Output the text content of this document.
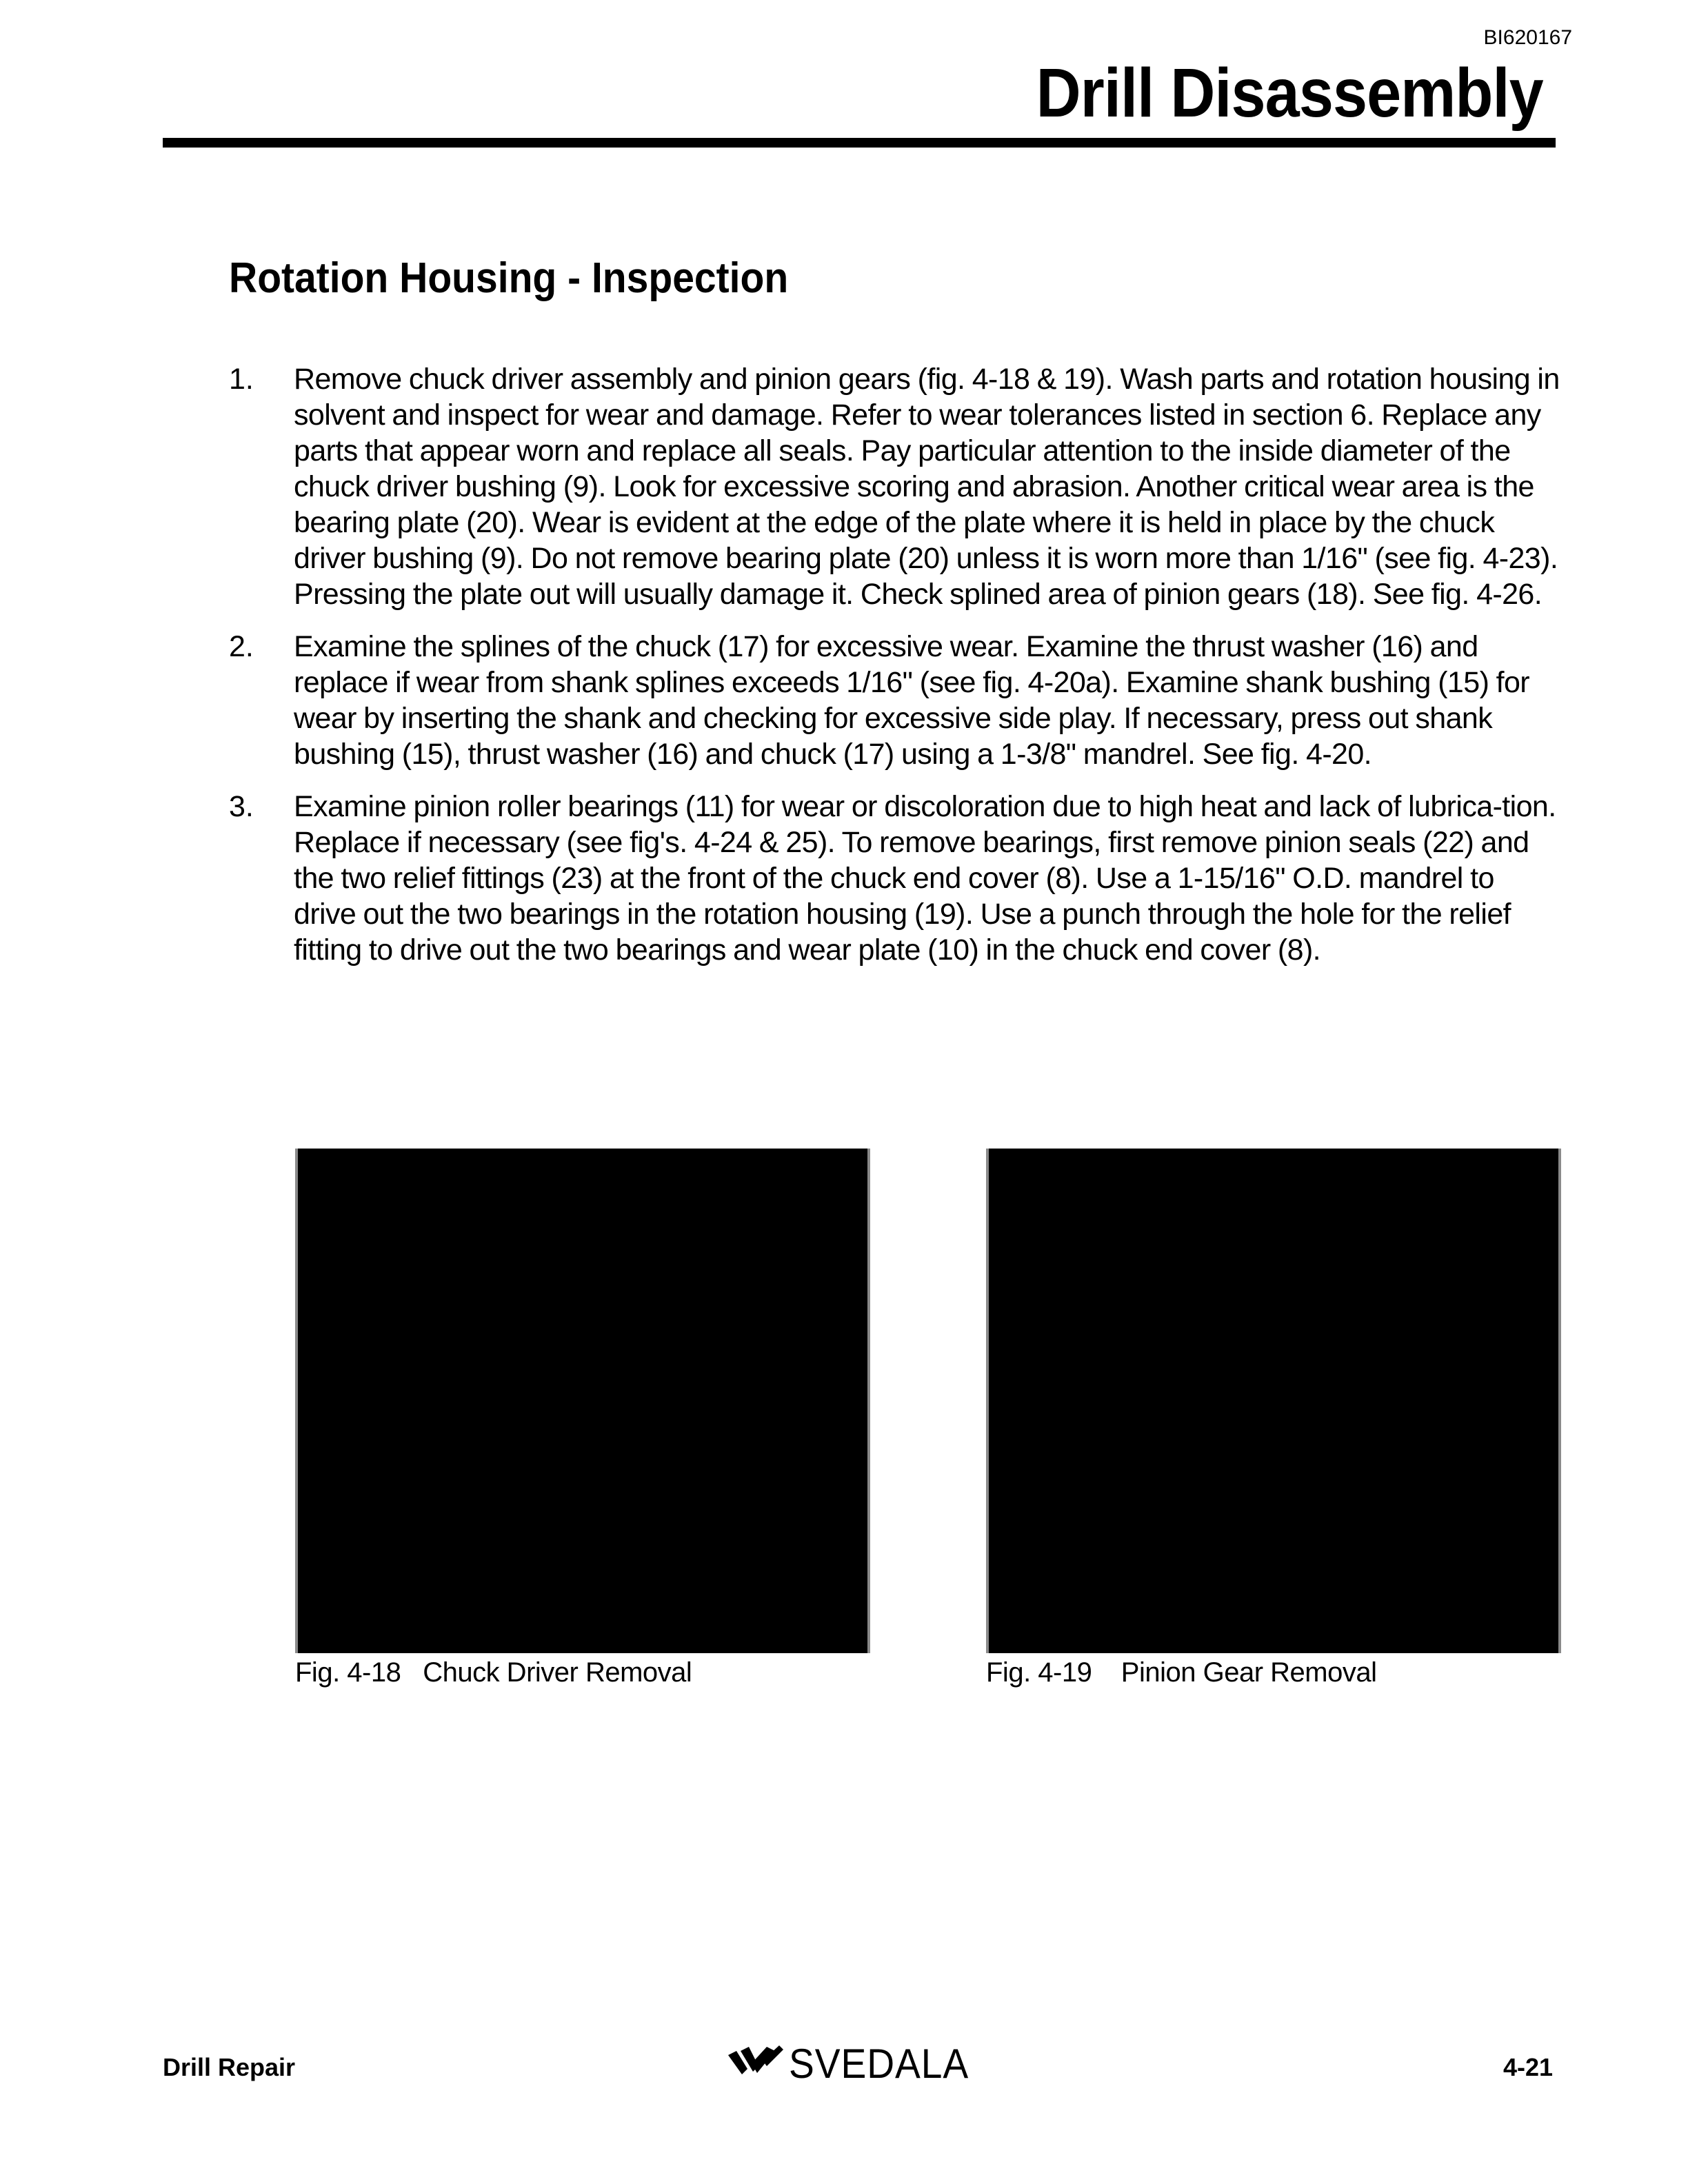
BI620167
Drill Disassembly
Rotation Housing - Inspection
1.	Remove chuck driver assembly and pinion gears (fig. 4-18 & 19). Wash parts and rotation housing in solvent and inspect for wear and damage. Refer to wear tolerances listed in section 6. Replace any parts that appear worn and replace all seals. Pay particular attention to the inside diameter of the chuck driver bushing (9). Look for excessive scoring and abrasion. Another critical wear area is the bearing plate (20). Wear is evident at the edge of the plate where it is held in place by the chuck driver bushing (9). Do not remove bearing plate (20) unless it is worn more than 1/16" (see fig. 4-23). Pressing the plate out will usually damage it. Check splined area of pinion gears (18). See fig. 4-26.
2.	Examine the splines of the chuck (17) for excessive wear. Examine the thrust washer (16) and replace if wear from shank splines exceeds 1/16" (see fig. 4-20a). Examine shank bushing (15) for wear by inserting the shank and checking for excessive side play. If necessary, press out shank bushing (15), thrust washer (16) and chuck (17) using a 1-3/8" mandrel. See fig. 4-20.
3.	Examine pinion roller bearings (11) for wear or discoloration due to high heat and lack of lubrica-tion. Replace if necessary (see fig's. 4-24 & 25). To remove bearings, first remove pinion seals (22) and the two relief fittings (23) at the front of the chuck end cover (8). Use a 1-15/16" O.D. mandrel to drive out the two bearings in the rotation housing (19). Use a punch through the hole for the relief fitting to drive out the two bearings and wear plate (10) in the chuck end cover (8).
Fig. 4-18   Chuck Driver Removal	Fig. 4-19    Pinion Gear Removal
Drill Repair	SVEDALA	4-21
